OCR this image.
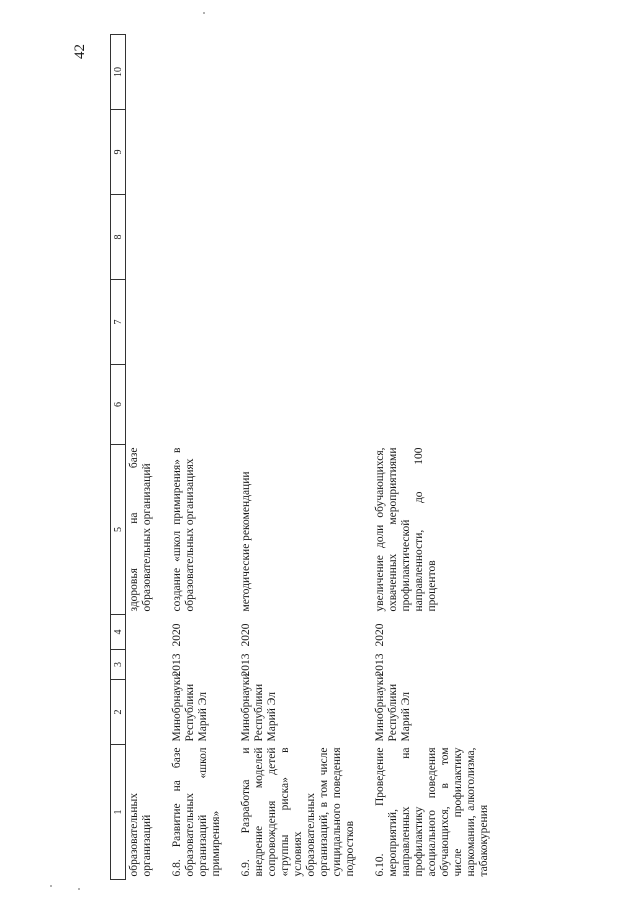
42
1	2	3	4	5	6	7	8	9	10
образовательных организаций				здоровья на базе образовательных организаций					
6.8. Развитие на базе образовательных организаций «школ примирения»	Минобрнауки Республики Марий Эл	2013	2020	создание «школ примирения» в образовательных организациях					
6.9. Разработка и внедрение моделей сопровождения детей «группы риска» в условиях образовательных организаций, в том числе суицидального поведения подростков	Минобрнауки Республики Марий Эл	2013	2020	методические рекомендации					
6.10. Проведение мероприятий, направленных на профилактику асоциального поведения обучающихся, в том числе профилактику наркомании, алкоголизма, табакокурения	Минобрнауки Республики Марий Эл	2013	2020	увеличение доли обучающихся, охваченных мероприятиями профилактической направленности, до 100 процентов					
